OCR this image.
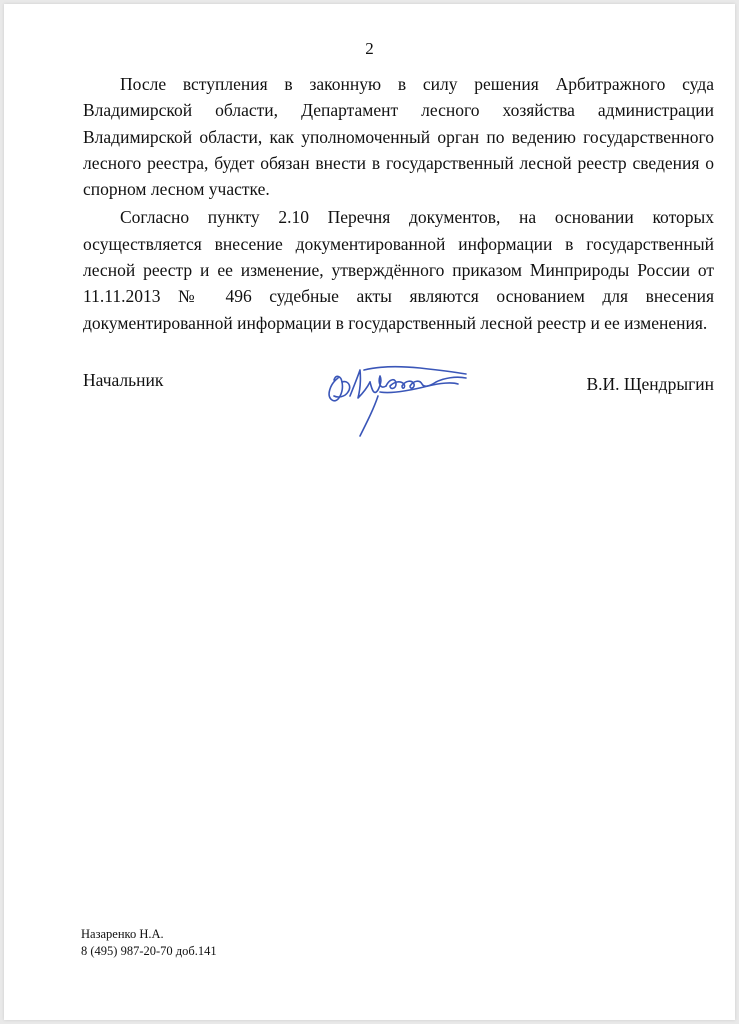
2

После вступления в законную в силу решения Арбитражного суда Владимирской области, Департамент лесного хозяйства администрации Владимирской области, как уполномоченный орган по ведению государственного лесного реестра, будет обязан внести в государственный лесной реестр сведения о спорном лесном участке.

Согласно пункту 2.10 Перечня документов, на основании которых осуществляется внесение документированной информации в государственный лесной реестр и ее изменение, утверждённого приказом Минприроды России от 11.11.2013 № 496 судебные акты являются основанием для внесения документированной информации в государственный лесной реестр и ее изменения.

Начальник	В.И. Щендрыгин
Назаренко Н.А.
8 (495) 987-20-70 доб.141
